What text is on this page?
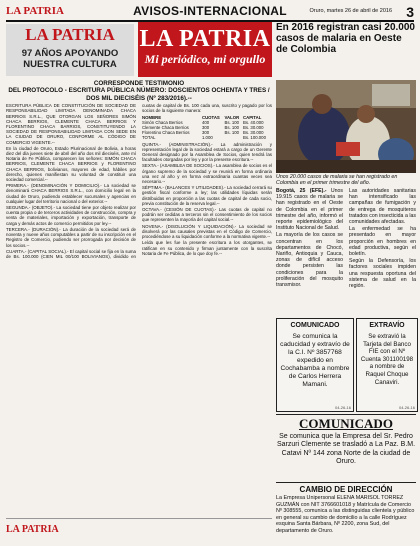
LA PATRIA	AVISOS-INTERNACIONAL	Oruro, martes 26 de abril de 2016 3
LA PATRIA
97 AÑOS APOYANDO
NUESTRA CULTURA
LA PATRIA
Mi periódico, mi orgullo
En 2016 registran casi 20.000 casos de malaria en Oeste de Colombia
CORRESPONDE TESTIMONIO
DEL PROTOCOLO - ESCRITURA PÚBLICA NÚMERO: DOSCIENTOS OCHENTA Y TRES / DOS MIL DIECISÉIS (Nº 283/2016).--

ESCRITURA PÚBLICA DE CONSTITUCIÓN DE SOCIEDAD DE RESPONSABILIDAD LIMITADA DENOMINADA CHACA BERRIOS S.R.L., QUE OTORGAN LOS SEÑORES SIMÓN CHACA BERRIOS, CLEMENTE CHACA BERRIOS Y FLORENTINO CHACA BARRIOS, CONSTITUYENDO LA SOCIEDAD DE RESPONSABILIDAD LIMITADA CON SEDE EN LA CIUDAD DE ORURO, CONFORME AL CÓDIGO DE COMERCIO VIGENTE.--

En la ciudad de Oruro, Estado Plurinacional de Bolivia, a horas diez del día jueves siete de abril del año dos mil dieciséis, ante mí Notaria de Fe Pública, comparecen los señores: SIMÓN CHACA BERRIOS, CLEMENTE CHACA BERRIOS y FLORENTINO CHACA BERRIOS, bolivianos, mayores de edad, hábiles por derecho, quienes manifiestan su voluntad de constituir una sociedad comercial.--

PRIMERA.- (DENOMINACIÓN Y DOMICILIO).- La sociedad se denominará CHACA BERRIOS S.R.L., con domicilio legal en la ciudad de Oruro, pudiendo establecer sucursales y agencias en cualquier lugar del territorio nacional o del exterior.--

SEGUNDA.- (OBJETO).- La sociedad tiene por objeto realizar por cuenta propia o de terceros actividades de construcción, compra y venta de materiales, importación y exportación, transporte de carga y demás actos de comercio permitidos por ley.--

TERCERA.- (DURACIÓN).- La duración de la sociedad será de noventa y nueve años computables a partir de su inscripción en el Registro de Comercio, pudiendo ser prorrogada por decisión de los socios.--

CUARTA.- (CAPITAL SOCIAL).- El capital social se fija en la suma de Bs. 100.000 (CIEN MIL 00/100 BOLIVIANOS), dividido en cuotas de capital de Bs. 100 cada una, suscrito y pagado por los socios de la siguiente manera:

NOMBRE	CUOTAS	VALOR	CAPITAL
Simón Chaca Berrios	400	Bs. 100	Bs. 40.000
Clemente Chaca Berrios	300	Bs. 100	Bs. 30.000
Florentino Chaca Berrios	300	Bs. 100	Bs. 30.000
TOTAL	1.000		Bs. 100.000

QUINTA.- (ADMINISTRACIÓN).- La administración y representación legal de la sociedad estará a cargo de un Gerente General designado por la Asamblea de Socios, quien tendrá las facultades otorgadas por ley y por la presente escritura.--

SEXTA.- (ASAMBLEA DE SOCIOS).- La asamblea de socios es el órgano supremo de la sociedad y se reunirá en forma ordinaria una vez al año y en forma extraordinaria cuantas veces sea necesario.--

SÉPTIMA.- (BALANCES Y UTILIDADES).- La sociedad cerrará su gestión fiscal conforme a ley; las utilidades líquidas serán distribuidas en proporción a las cuotas de capital de cada socio, previa constitución de la reserva legal.--

OCTAVA.- (CESIÓN DE CUOTAS).- Las cuotas de capital no podrán ser cedidas a terceros sin el consentimiento de los socios que representen la mayoría del capital social.--

NOVENA.- (DISOLUCIÓN Y LIQUIDACIÓN).- La sociedad se disolverá por las causales previstas en el Código de Comercio, procediéndose a su liquidación conforme a la normativa vigente.--

Leída que les fue la presente escritura a los otorgantes, se ratifican en su contenido y firman juntamente con la suscrita Notaria de Fe Pública, de lo que doy fe.--

Unos 20.000 casos de malaria se han registrado en Colombia en el primer trimestre del año.

Bogotá, 25 (EFE).- Unos 19.915 casos de malaria se han registrado en el Oeste de Colombia en el primer trimestre del año, informó el reporte epidemiológico del Instituto Nacional de Salud.

La mayoría de los casos se concentran en los departamentos de Chocó, Nariño, Antioquia y Cauca, zonas de difícil acceso donde persisten las condiciones para la proliferación del mosquito transmisor.

Las autoridades sanitarias han intensificado las campañas de fumigación y de entrega de mosquiteros tratados con insecticida a las comunidades afectadas.

La enfermedad se ha presentado en mayor proporción en hombres en edad productiva, según el boletín.

Según la Defensoría, los factores sociales impiden una respuesta oportuna del sistema de salud en la región.

COMUNICADO
Se comunica la caducidad y extravío de la C.I. Nº 3857768 expedido en Cochabamba a nombre de Carlos Herrera Mamani.
04-26-16
EXTRAVÍO
Se extravió la Tarjeta del Banco FIE con el Nº Cuenta 301100198 a nombre de Raquel Choque Canaviri.
04-26-16
COMUNICADO
Se comunica que la Empresa del Sr. Pedro Sarzuri Clemente se trasladó a La Paz. B.M. Catavi Nº 144 zona Norte de la ciudad de Oruro.
CAMBIO DE DIRECCIÓN
La Empresa Unipersonal ELENA MARISOL TORREZ GUZMÁN con NIT 3766601018 y Matrícula de Comercio Nº 308555, comunica a las distinguidas clientela y público en general su cambio de domicilio a la calle Rodríguez esquina Santa Bárbara, Nº 2200, zona Sud, del departamento de Oruro.
LA PATRIA
